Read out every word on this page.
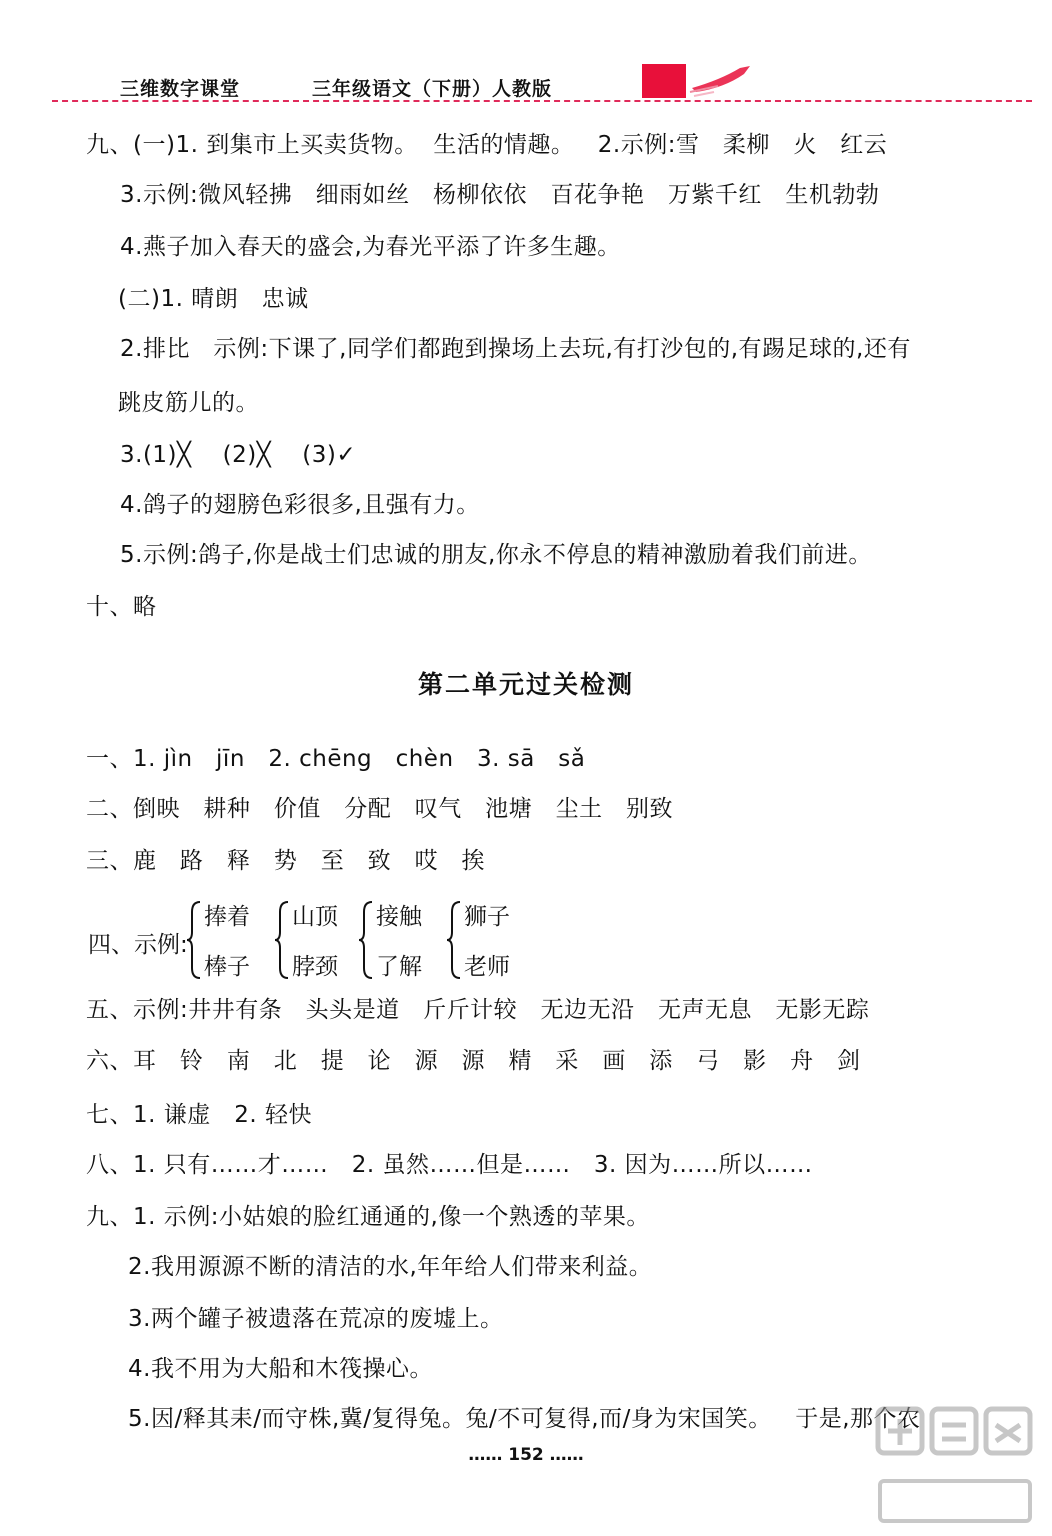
三维数字课堂	三年级语文（下册）人教版
九、(一)1. 到集市上买卖货物。  生活的情趣。   2.示例:雪   柔柳   火   红云
3.示例:微风轻拂   细雨如丝   杨柳依依   百花争艳   万紫千红   生机勃勃
4.燕子加入春天的盛会,为春光平添了许多生趣。
(二)1. 晴朗   忠诚
2.排比   示例:下课了,同学们都跑到操场上去玩,有打沙包的,有踢足球的,还有
跳皮筋儿的。
3.(1)╳    (2)╳    (3)✓
4.鸽子的翅膀色彩很多,且强有力。
5.示例:鸽子,你是战士们忠诚的朋友,你永不停息的精神激励着我们前进。
十、略
第二单元过关检测
一、1. jìn   jīn   2. chēng   chèn   3. sā   sǎ
二、倒映   耕种   价值   分配   叹气   池塘   尘土   别致
三、鹿   路   释   势   至   致   哎   挨
四、示例:
捧着
棒子
山顶
脖颈
接触
了解
狮子
老师
五、示例:井井有条   头头是道   斤斤计较   无边无沿   无声无息   无影无踪
六、耳   铃   南   北   提   论   源   源   精   采   画   添   弓   影   舟   剑
七、1. 谦虚   2. 轻快
八、1. 只有……才……   2. 虽然……但是……   3. 因为……所以……
九、1. 示例:小姑娘的脸红通通的,像一个熟透的苹果。
2.我用源源不断的清洁的水,年年给人们带来利益。
3.两个罐子被遗落在荒凉的废墟上。
4.我不用为大船和木筏操心。
5.因/释其耒/而守株,冀/复得兔。兔/不可复得,而/身为宋国笑。   于是,那个农
…… 152 ……
